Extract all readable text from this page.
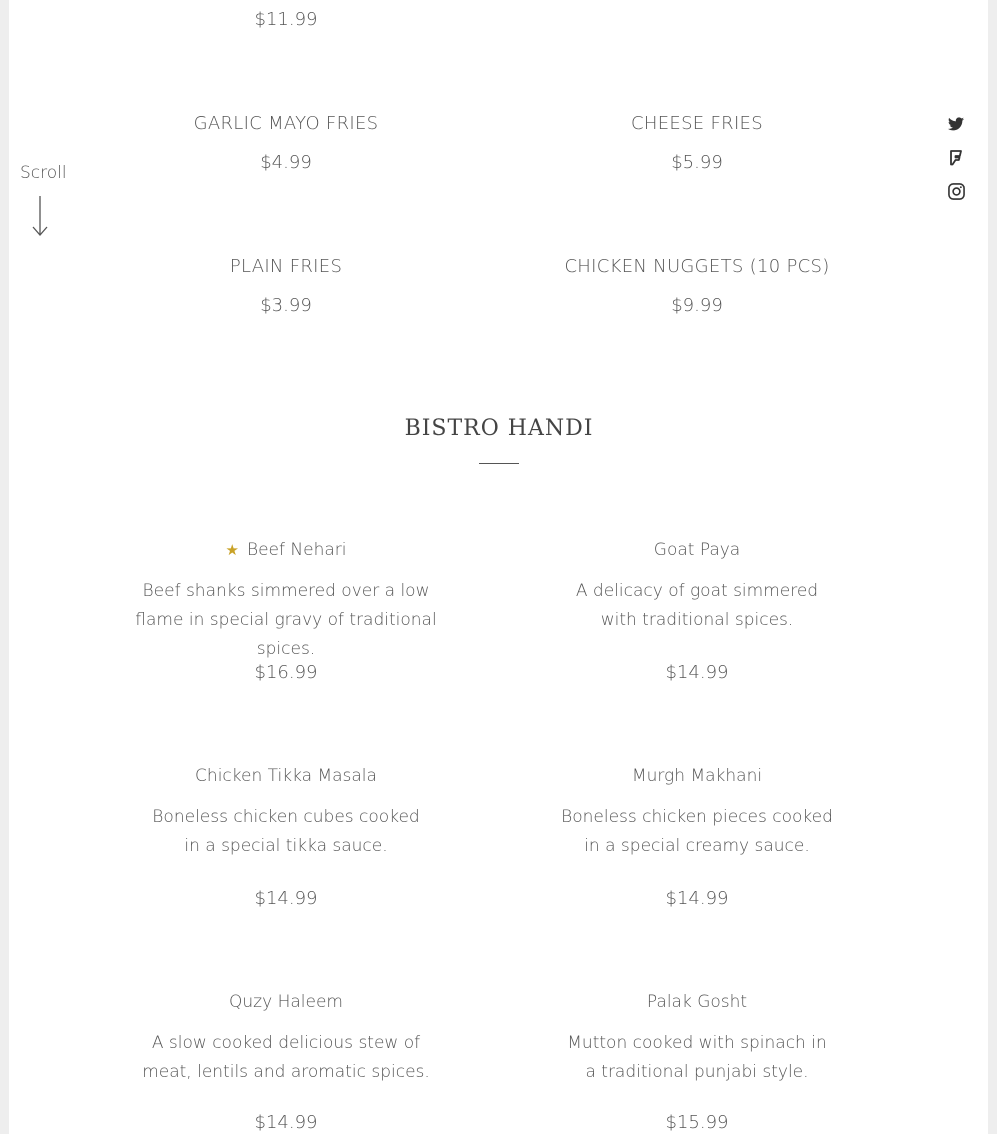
$11.99
GARLIC MAYO FRIES
$4.99
CHEESE FRIES
$5.99
PLAIN FRIES
$3.99
CHICKEN NUGGETS (10 PCS)
$9.99
Scroll
BISTRO HANDI
★ Beef Nehari
Beef shanks simmered over a low flame in special gravy of traditional spices.
$16.99
Goat Paya
A delicacy of goat simmered with traditional spices.
$14.99
Chicken Tikka Masala
Boneless chicken cubes cooked in a special tikka sauce.
$14.99
Murgh Makhani
Boneless chicken pieces cooked in a special creamy sauce.
$14.99
Quzy Haleem
A slow cooked delicious stew of meat, lentils and aromatic spices.
$14.99
Palak Gosht
Mutton cooked with spinach in a traditional punjabi style.
$15.99
